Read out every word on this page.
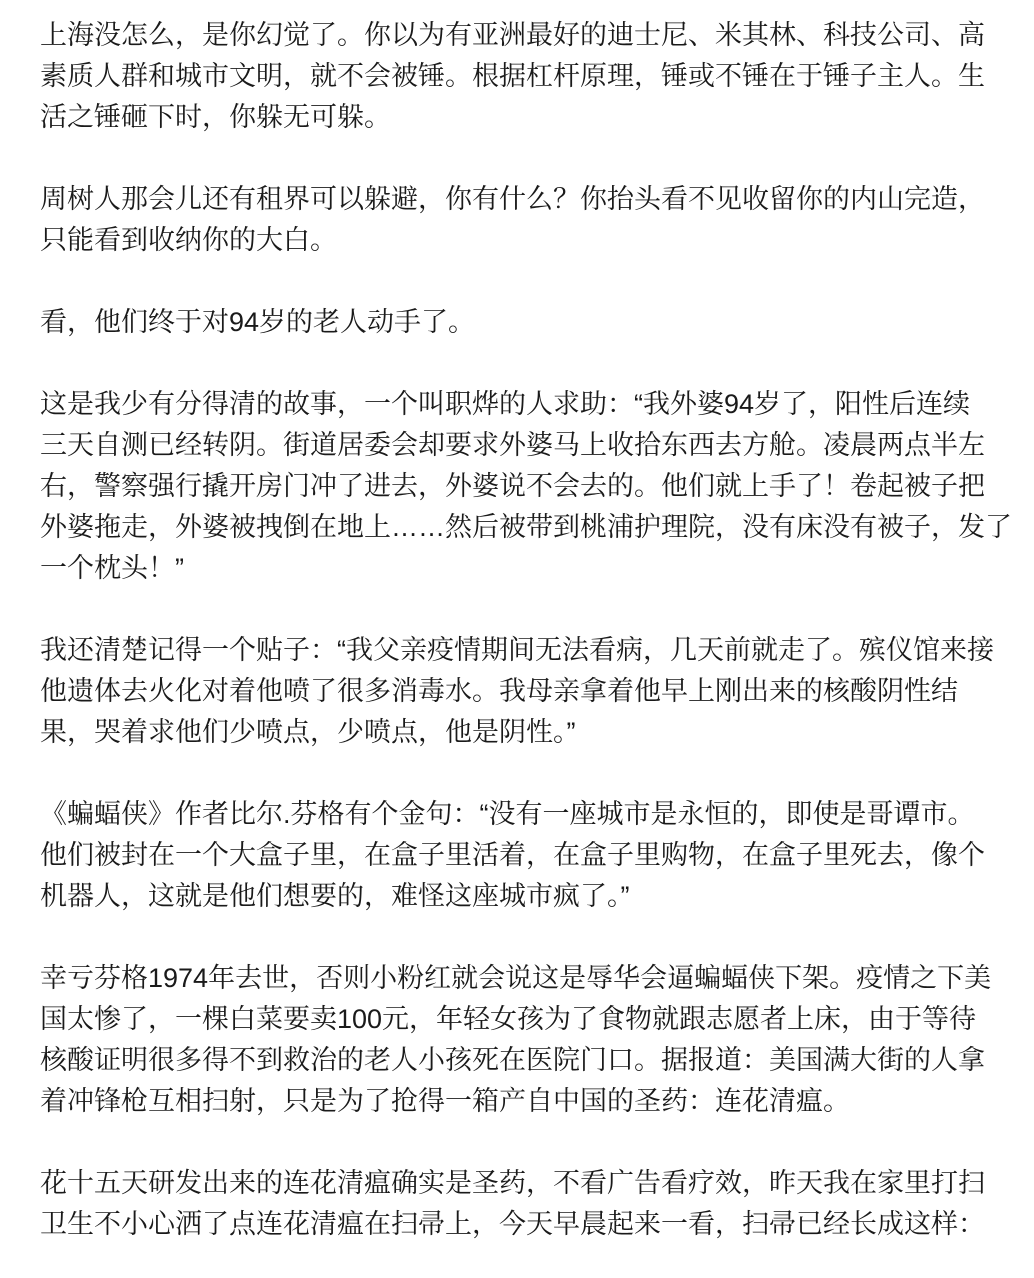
上海没怎么，是你幻觉了。你以为有亚洲最好的迪士尼、米其林、科技公司、高
素质人群和城市文明，就不会被锤。根据杠杆原理，锤或不锤在于锤子主人。生
活之锤砸下时，你躲无可躲。

周树人那会儿还有租界可以躲避，你有什么？你抬头看不见收留你的内山完造，
只能看到收纳你的大白。

看，他们终于对94岁的老人动手了。

这是我少有分得清的故事，一个叫职烨的人求助：“我外婆94岁了，阳性后连续
三天自测已经转阴。街道居委会却要求外婆马上收拾东西去方舱。凌晨两点半左
右，警察强行撬开房门冲了进去，外婆说不会去的。他们就上手了！卷起被子把
外婆拖走，外婆被拽倒在地上……然后被带到桃浦护理院，没有床没有被子，发了
一个枕头！”

我还清楚记得一个贴子：“我父亲疫情期间无法看病，几天前就走了。殡仪馆来接
他遗体去火化对着他喷了很多消毒水。我母亲拿着他早上刚出来的核酸阴性结
果，哭着求他们少喷点，少喷点，他是阴性。”

《蝙蝠侠》作者比尔.芬格有个金句：“没有一座城市是永恒的，即使是哥谭市。
他们被封在一个大盒子里，在盒子里活着，在盒子里购物，在盒子里死去，像个
机器人，这就是他们想要的，难怪这座城市疯了。”

幸亏芬格1974年去世，否则小粉红就会说这是辱华会逼蝙蝠侠下架。疫情之下美
国太惨了，一棵白菜要卖100元，年轻女孩为了食物就跟志愿者上床，由于等待
核酸证明很多得不到救治的老人小孩死在医院门口。据报道：美国满大街的人拿
着冲锋枪互相扫射，只是为了抢得一箱产自中国的圣药：连花清瘟。

花十五天研发出来的连花清瘟确实是圣药，不看广告看疗效，昨天我在家里打扫
卫生不小心洒了点连花清瘟在扫帚上，今天早晨起来一看，扫帚已经长成这样：
